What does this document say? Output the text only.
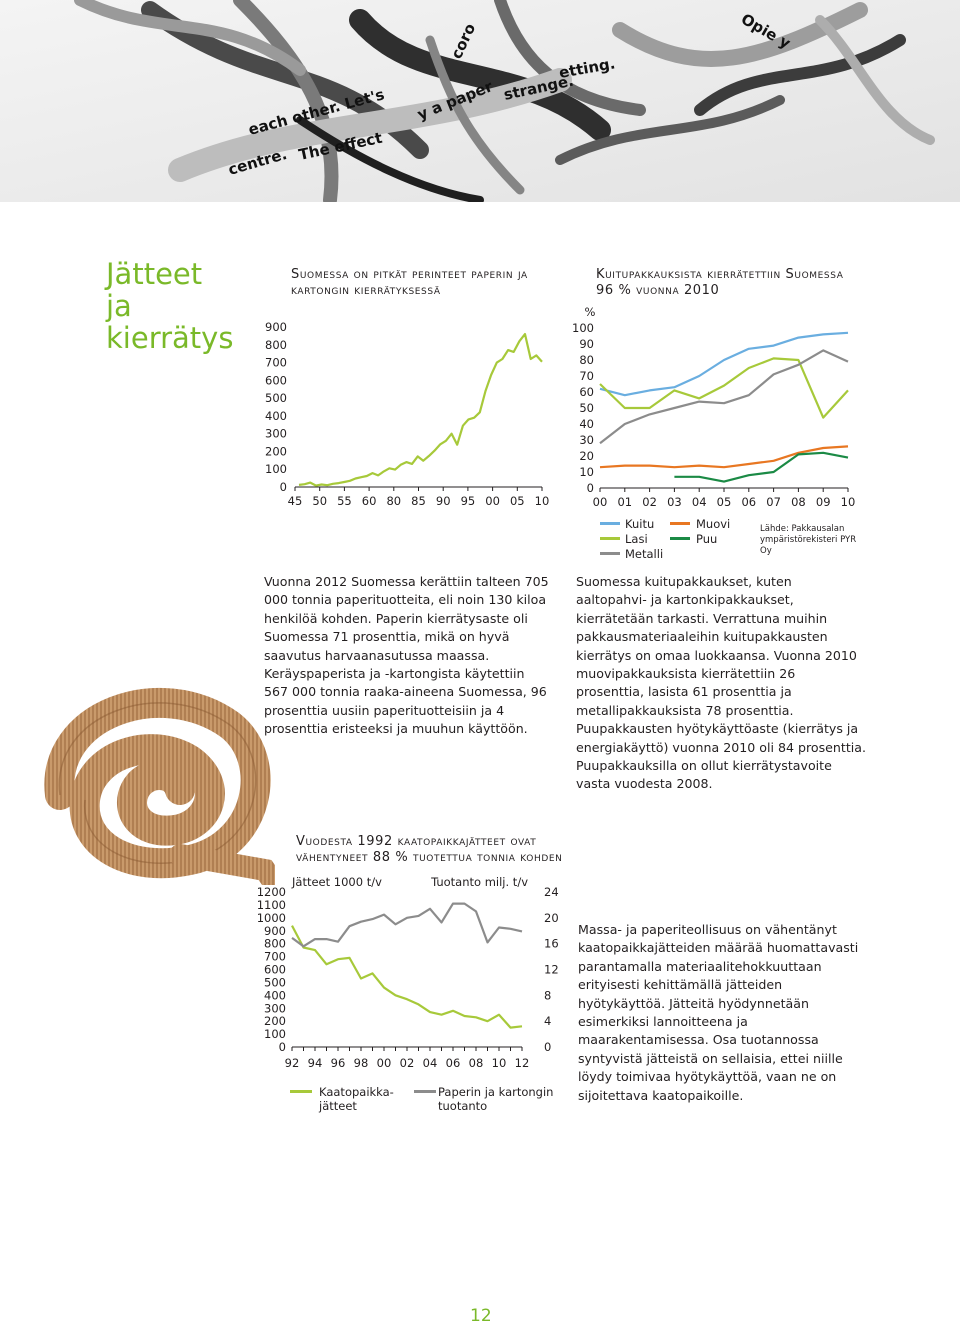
each other. Let's
The effect
y a paper strange.
centre.
Opie y
coro
etting.
Jätteet
ja kierrätys
Suomessa on pitkät perinteet paperin ja
kartongin kierrätyksessä
900
800
700
600
500
400
300
200
100
0
45 50 55 60 80 85 90 95 00 05 10
Kuitupakkauksista kierrätettiin Suomessa
96 % vuonna 2010
%
100
90
80
70
60
50
40
30
20
10
0
00 01 02 03 04 05 06 07 08 09 10
Kuitu	Muovi
Lasi	Puu
Metalli
Lähde: Pakkausalan ympäristörekisteri PYR Oy
Vuonna 2012 Suomessa kerättiin talteen 705 000 tonnia paperituotteita, eli noin 130 kiloa henkilöä kohden. Paperin kierrätysaste oli Suomessa 71 prosenttia, mikä on hyvä saavutus harvaanasutussa maassa. Keräyspaperista ja -kartongista käytettiin 567 000 tonnia raaka-aineena Suomessa, 96 prosenttia uusiin paperituotteisiin ja 4 prosenttia eristeeksi ja muuhun käyttöön.
Suomessa kuitupakkaukset, kuten aaltopahvi- ja kartonkipakkaukset, kierrätetään tarkasti. Verrattuna muihin pakkausmateriaaleihin kuitupakkausten kierrätys on omaa luokkaansa. Vuonna 2010 muovipakkauksista kierrätettiin 26 prosenttia, lasista 61 prosenttia ja metallipakkauksista 78 prosenttia. Puupakkausten hyötykäyttöaste (kierrätys ja energiakäyttö) vuonna 2010 oli 84 prosenttia. Puupakkauksilla on ollut kierrätystavoite vasta vuodesta 2008.
Vuodesta 1992 kaatopaikkajätteet ovat
vähentyneet 88 % tuotettua tonnia kohden
Jätteet 1000 t/v	Tuotanto milj. t/v
1200
1100
1000
900
800
700
600
500
400
300
200
100
0
24
20
16
12
8
4
0
92 94 96 98 00 02 04 06 08 10 12
Kaatopaikka-
jätteet
Paperin ja kartongin
tuotanto
Massa- ja paperiteollisuus on vähentänyt kaatopaikkajätteiden määrää huomattavasti parantamalla materiaalitehokkuuttaan erityisesti kehittämällä jätteiden hyötykäyttöä. Jätteitä hyödynnetään esimerkiksi lannoitteena ja maarakentamisessa. Osa tuotannossa syntyvistä jätteistä on sellaisia, ettei niille löydy toimivaa hyötykäyttöä, vaan ne on sijoitettava kaatopaikoille.
12
